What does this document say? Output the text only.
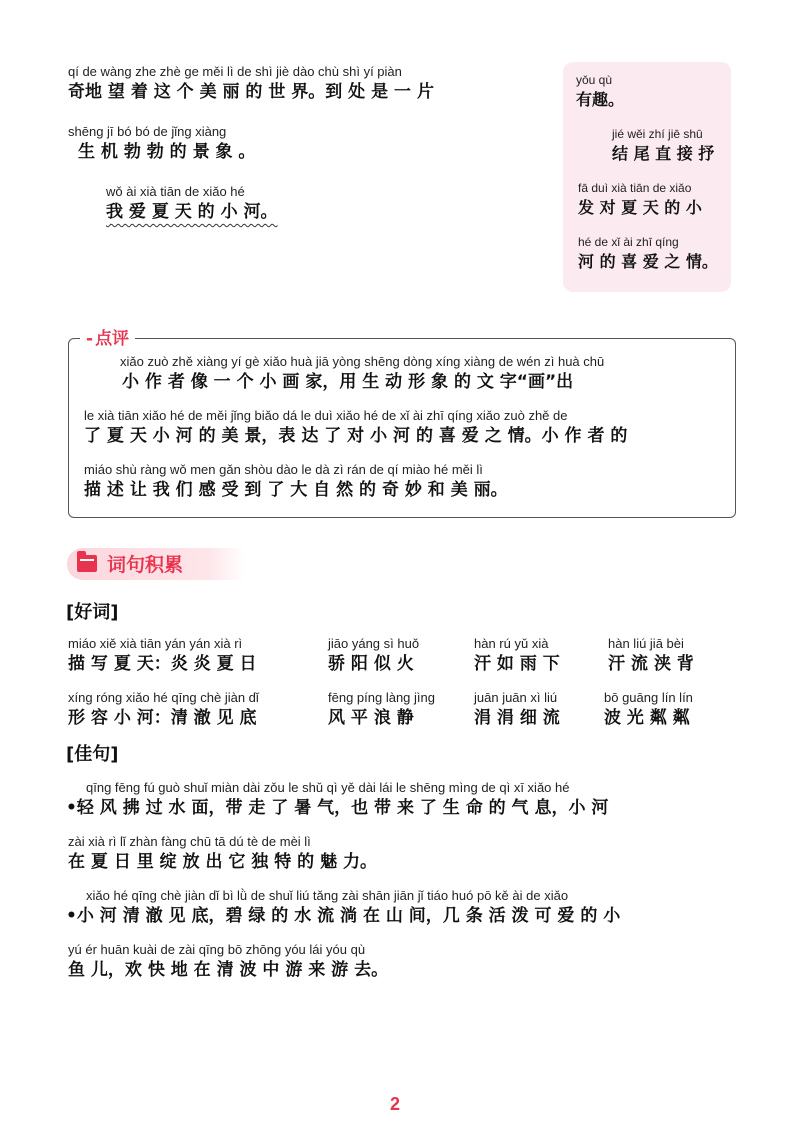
qí de wàng zhe zhè ge měi lì de shì jiè dào chù shì yí piàn
奇地 望 着 这 个 美 丽 的 世 界。到 处 是 一 片
shēng jī bó bó de jǐng xiàng
生 机 勃 勃 的 景 象 。
wǒ ài xià tiān de xiǎo hé
我 爱 夏 天 的 小 河。
yǒu qù
有趣。
jié wěi zhí jiē shū
结 尾 直 接 抒
fā duì xià tiān de xiǎo
发 对 夏 天 的 小
hé de xǐ ài zhī qíng
河 的 喜 爱 之 情。
- 点评
xiǎo zuò zhě xiàng yí gè xiǎo huà jiā yòng shēng dòng xíng xiàng de wén zì huà chū
小 作 者 像 一 个 小 画 家，用 生 动 形 象 的 文 字“画”出
le xià tiān xiǎo hé de měi jǐng biǎo dá le duì xiǎo hé de xǐ ài zhī qíng xiǎo zuò zhě de
了 夏 天 小 河 的 美 景，表 达 了 对 小 河 的 喜 爱 之 情。小 作 者 的
miáo shù ràng wǒ men gǎn shòu dào le dà zì rán de qí miào hé měi lì
描 述 让 我 们 感 受 到 了 大 自 然 的 奇 妙 和 美 丽。
词句积累
[好词]
miáo xiě xià tiān yán yán xià rì
描 写 夏 天：炎 炎 夏 日
jiāo yáng sì huǒ
骄 阳 似 火
hàn rú yǔ xià
汗 如 雨 下
hàn liú jiā bèi
汗 流 浃 背
xíng róng xiǎo hé qīng chè jiàn dǐ
形 容 小 河：清 澈 见 底
fēng píng làng jìng
风 平 浪 静
juān juān xì liú
涓 涓 细 流
bō guāng lín lín
波 光 粼 粼
[佳句]
qīng fēng fú guò shuǐ miàn dài zǒu le shǔ qì yě dài lái le shēng mìng de qì xī xiǎo hé
•轻 风 拂 过 水 面，带 走 了 暑 气，也 带 来 了 生 命 的 气 息，小 河
zài xià rì lǐ zhàn fàng chū tā dú tè de mèi lì
在 夏 日 里 绽 放 出 它 独 特 的 魅 力。
xiǎo hé qīng chè jiàn dǐ bì lǜ de shuǐ liú tǎng zài shān jiān jǐ tiáo huó pō kě ài de xiǎo
•小 河 清 澈 见 底，碧 绿 的 水 流 淌 在 山 间，几 条 活 泼 可 爱 的 小
yú ér huān kuài de zài qīng bō zhōng yóu lái yóu qù
鱼 儿，欢 快 地 在 清 波 中 游 来 游 去。
2
